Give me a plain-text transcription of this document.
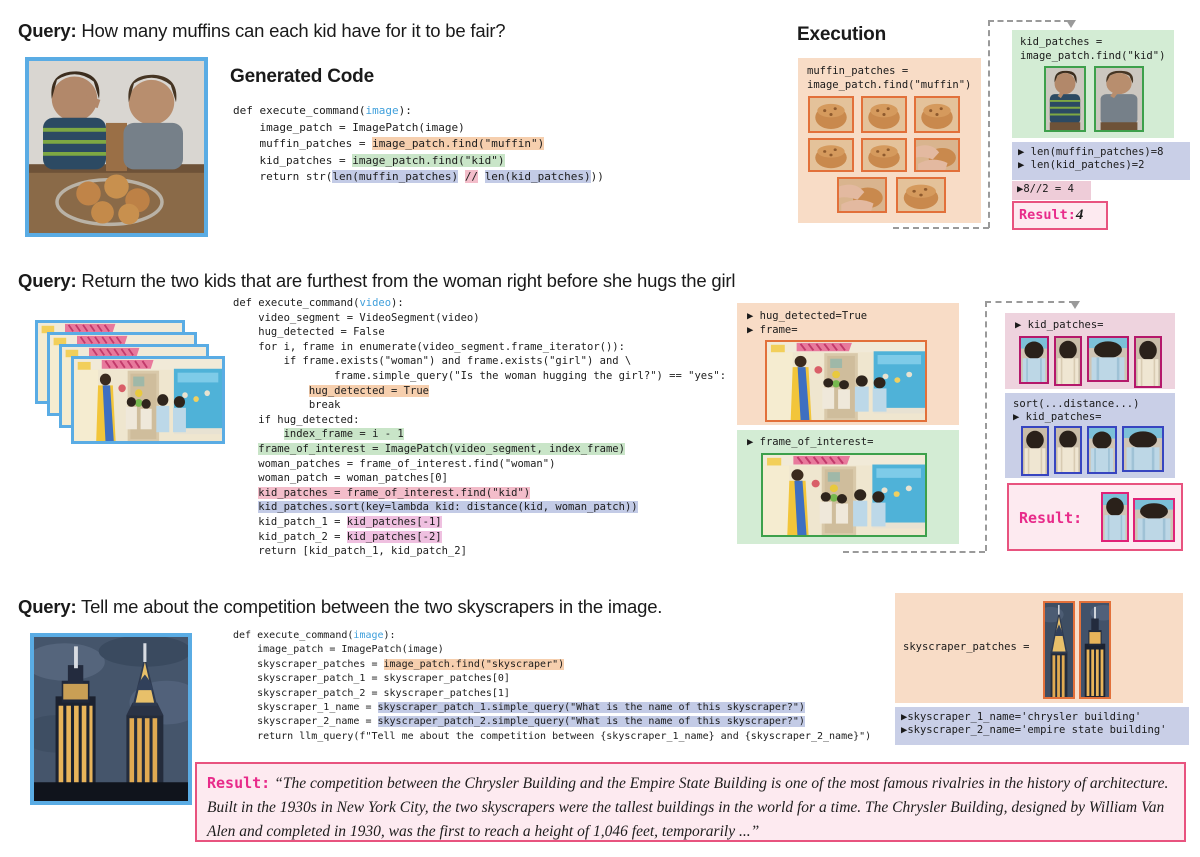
Query: How many muffins can each kid have for it to be fair?
Generated Code
def execute_command(image):
image_patch = ImagePatch(image)
muffin_patches = image_patch.find("muffin")
kid_patches = image_patch.find("kid")
return str(len(muffin_patches) // len(kid_patches)))
Execution
muffin_patches =
image_patch.find("muffin")
kid_patches =
image_patch.find("kid")
▶ len(muffin_patches)=8
▶ len(kid_patches)=2
▶8//2 = 4
Result:4
Query: Return the two kids that are furthest from the woman right before she hugs the girl
def execute_command(video):
video_segment = VideoSegment(video)
hug_detected = False
for i, frame in enumerate(video_segment.frame_iterator()):
if frame.exists("woman") and frame.exists("girl") and \
frame.simple_query("Is the woman hugging the girl?") == "yes":
hug_detected = True
break
if hug_detected:
index_frame = i - 1
frame_of_interest = ImagePatch(video_segment, index_frame)
woman_patches = frame_of_interest.find("woman")
woman_patch = woman_patches[0]
kid_patches = frame_of_interest.find("kid")
kid_patches.sort(key=lambda kid: distance(kid, woman_patch))
kid_patch_1 = kid_patches[-1]
kid_patch_2 = kid_patches[-2]
return [kid_patch_1, kid_patch_2]
▶ hug_detected=True
▶ frame=
▶ frame_of_interest=
▶ kid_patches=
sort(...distance...)
▶ kid_patches=
Result:
Query: Tell me about the competition between the two skyscrapers in the image.
def execute_command(image):
image_patch = ImagePatch(image)
skyscraper_patches = image_patch.find("skyscraper")
skyscraper_patch_1 = skyscraper_patches[0]
skyscraper_patch_2 = skyscraper_patches[1]
skyscraper_1_name = skyscraper_patch_1.simple_query("What is the name of this skyscraper?")
skyscraper_2_name = skyscraper_patch_2.simple_query("What is the name of this skyscraper?")
return llm_query(f"Tell me about the competition between {skyscraper_1_name} and {skyscraper_2_name}")
skyscraper_patches =
▶skyscraper_1_name='chrysler building'
▶skyscraper_2_name='empire state building'
Result: “The competition between the Chrysler Building and the Empire State Building is one of the most famous rivalries in the history of architecture. Built in the 1930s in New York City, the two skyscrapers were the tallest buildings in the world for a time. The Chrysler Building, designed by William Van Alen and completed in 1930, was the first to reach a height of 1,046 feet, temporarily ...”
